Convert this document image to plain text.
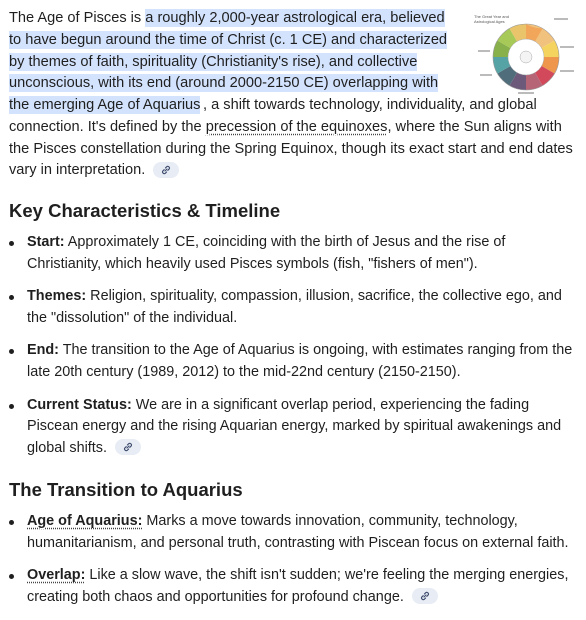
The Age of Pisces is a roughly 2,000-year astrological era, believed to have begun around the time of Christ (c. 1 CE) and characterized by themes of faith, spirituality (Christianity's rise), and collective unconscious, with its end (around 2000-2150 CE) overlapping with the emerging Age of Aquarius , a shift towards technology, individuality, and global connection. It's defined by the precession of the equinoxes, where the Sun aligns with the Pisces constellation during the Spring Equinox, though its exact start and end dates vary in interpretation.

The Great Year and
Astrological Ages
Key Characteristics & Timeline
Start: Approximately 1 CE, coinciding with the birth of Jesus and the rise of Christianity, which heavily used Pisces symbols (fish, "fishers of men").
Themes: Religion, spirituality, compassion, illusion, sacrifice, the collective ego, and the "dissolution" of the individual.
End: The transition to the Age of Aquarius is ongoing, with estimates ranging from the late 20th century (1989, 2012) to the mid-22nd century (2150-2150).
Current Status: We are in a significant overlap period, experiencing the fading Piscean energy and the rising Aquarian energy, marked by spiritual awakenings and global shifts.
The Transition to Aquarius
Age of Aquarius: Marks a move towards innovation, community, technology, humanitarianism, and personal truth, contrasting with Piscean focus on external faith.
Overlap: Like a slow wave, the shift isn't sudden; we're feeling the merging energies, creating both chaos and opportunities for profound change.
